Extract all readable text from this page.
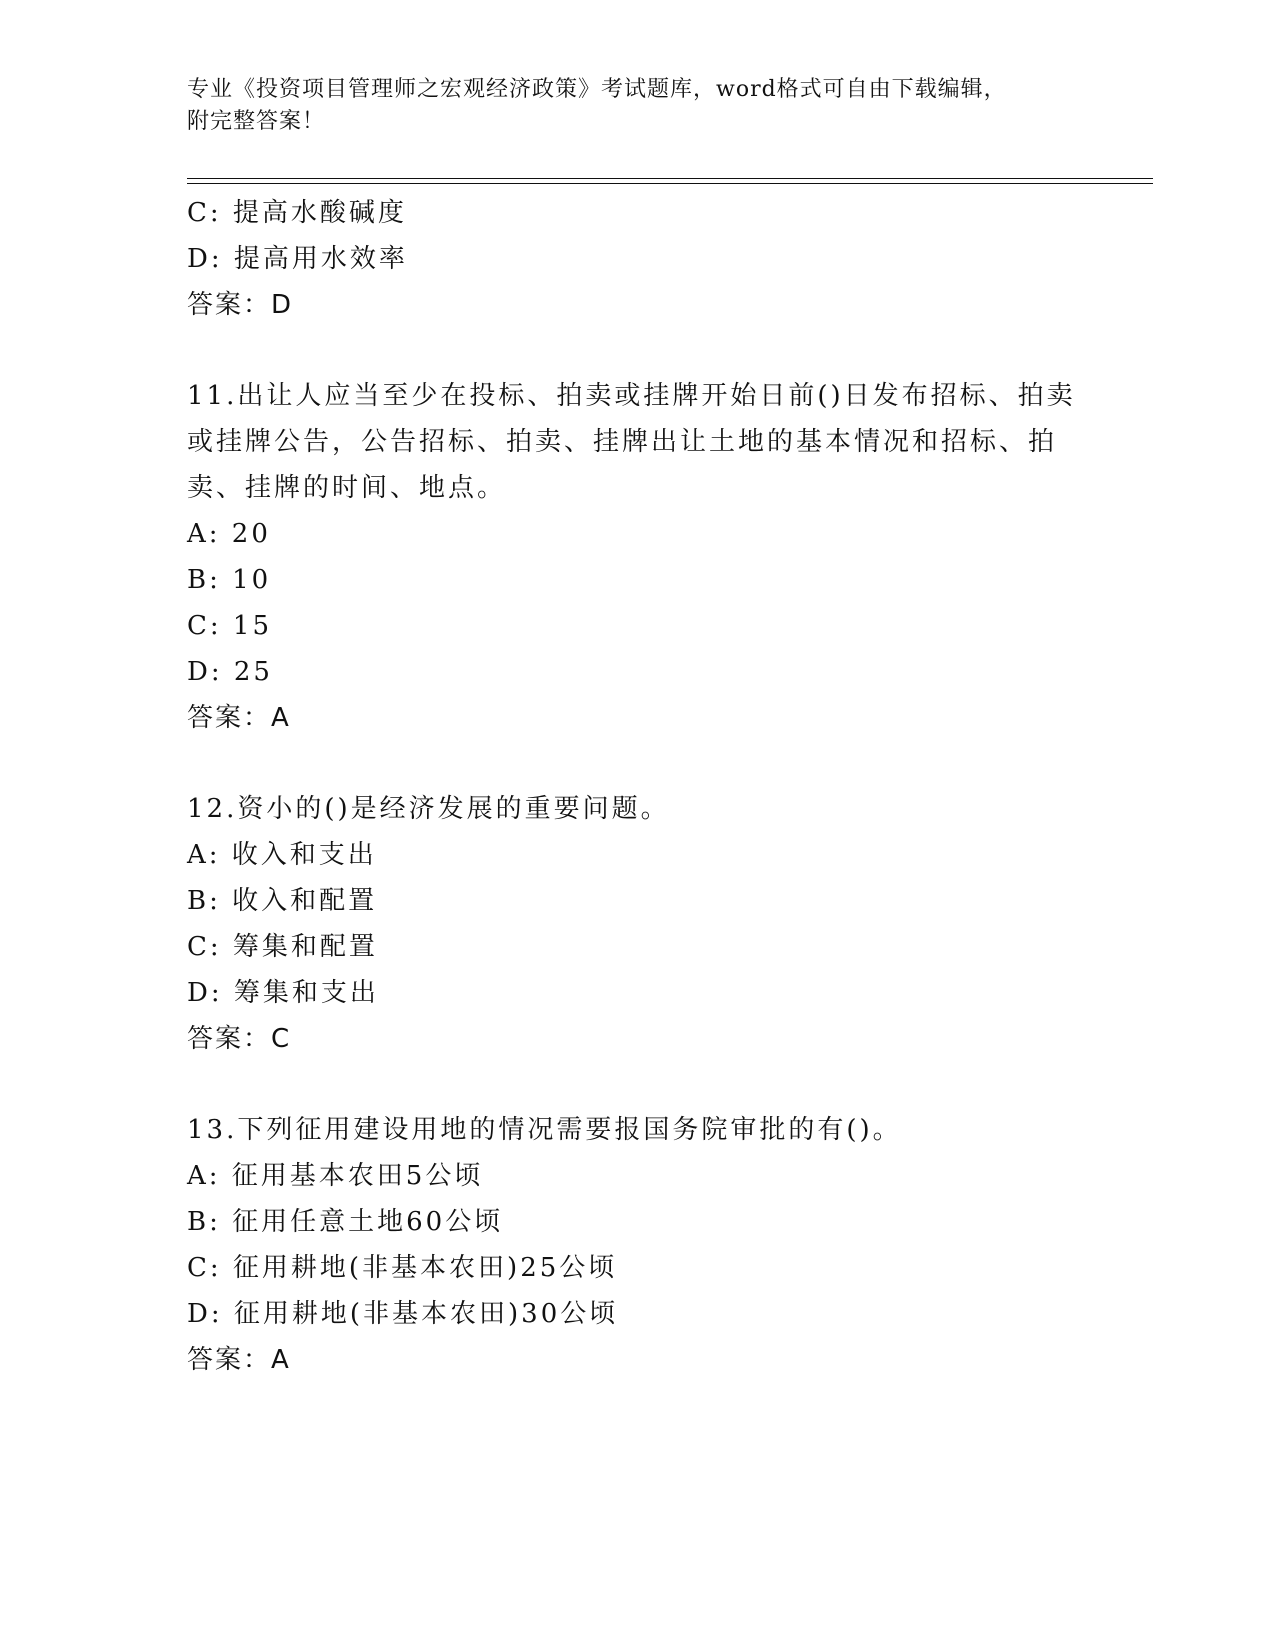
专业《投资项目管理师之宏观经济政策》考试题库，word格式可自由下载编辑，
附完整答案！
C: 提高水酸碱度
D: 提高用水效率
答案：D
11.出让人应当至少在投标、拍卖或挂牌开始日前()日发布招标、拍卖
或挂牌公告，公告招标、拍卖、挂牌出让土地的基本情况和招标、拍
卖、挂牌的时间、地点。
A: 20
B: 10
C: 15
D: 25
答案：A
12.资小的()是经济发展的重要问题。
A: 收入和支出
B: 收入和配置
C: 筹集和配置
D: 筹集和支出
答案：C
13.下列征用建设用地的情况需要报国务院审批的有()。
A: 征用基本农田5公顷
B: 征用任意土地60公顷
C: 征用耕地(非基本农田)25公顷
D: 征用耕地(非基本农田)30公顷
答案：A
